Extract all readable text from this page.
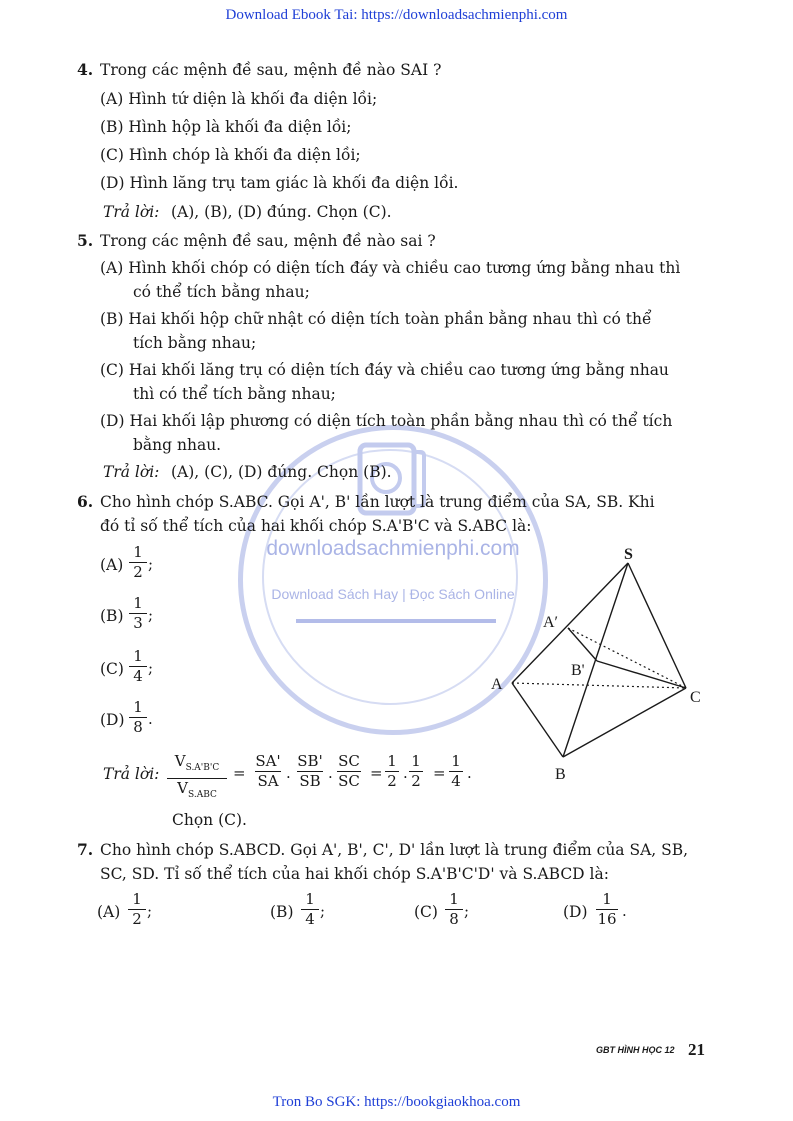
Download Ebook Tai: https://downloadsachmienphi.com
Tron Bo SGK: https://bookgiaokhoa.com
downloadsachmienphi.com
Download Sách Hay | Đọc Sách Online
4. Trong các mệnh đề sau, mệnh đề nào SAI ?
(A) Hình tứ diện là khối đa diện lồi;
(B) Hình hộp là khối đa diện lồi;
(C) Hình chóp là khối đa diện lồi;
(D) Hình lăng trụ tam giác là khối đa diện lồi.
Trả lời: (A), (B), (D) đúng. Chọn (C).
5. Trong các mệnh đề sau, mệnh đề nào sai ?
(A) Hình khối chóp có diện tích đáy và chiều cao tương ứng bằng nhau thì
có thể tích bằng nhau;
(B) Hai khối hộp chữ nhật có diện tích toàn phần bằng nhau thì có thể
tích bằng nhau;
(C) Hai khối lăng trụ có diện tích đáy và chiều cao tương ứng bằng nhau
thì có thể tích bằng nhau;
(D) Hai khối lập phương có diện tích toàn phần bằng nhau thì có thể tích
bằng nhau.
Trả lời: (A), (C), (D) đúng. Chọn (B).
6. Cho hình chóp S.ABC. Gọi A', B' lần lượt là trung điểm của SA, SB. Khi
đó tỉ số thể tích của hai khối chóp S.A'B'C và S.ABC là:
(A)
1
2 ;
(B)
1
3 ;
(C)
1
4 ;
(D)
1
8 .
Trả lời:
$V_{S.A'B'C}$
$V_{S.ABC}$
=
SA'
SA .
SB'
SB .
SC
SC =
1
2 .
1
2 =
1
4 .
Chọn (C).
S
A′
B'
A
B
C
7. Cho hình chóp S.ABCD. Gọi A', B', C', D' lần lượt là trung điểm của SA, SB,
SC, SD. Tỉ số thể tích của hai khối chóp S.A'B'C'D' và S.ABCD là:
(A)
1
2 ;	(B)
1
4 ;	(C)
1
8 ;	(D)
1
16 .
GBT HÌNH HỌC 12 21
